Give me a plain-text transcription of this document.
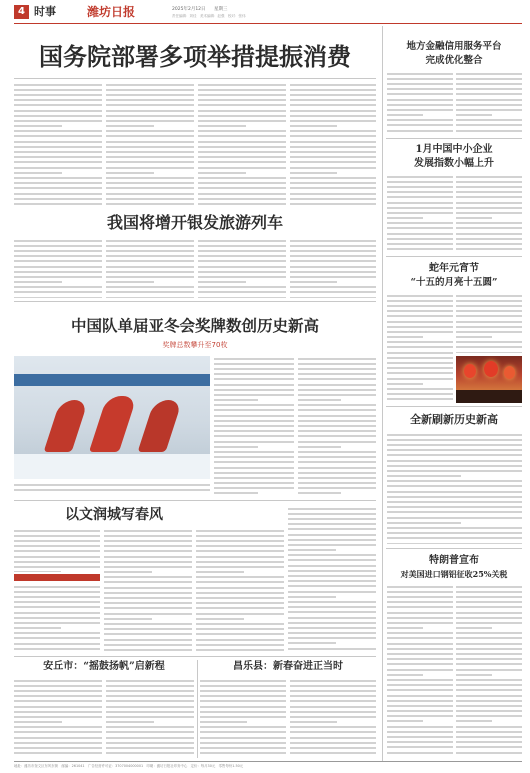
4 时事	潍坊日报	2025年2月12日 星期三
责任编辑：刘佳　美术编辑：赵强　校对：张伟
国务院部署多项举措提振消费	地方金融信用服务平台
完成优化整合
1月中国中小企业
发展指数小幅上升
蛇年元宵节
“十五的月亮十五圆”
我国将增开银发旅游列车
中国队单届亚冬会奖牌数创历史新高
奖牌总数攀升至70枚
以文润城写春风
全新刷新历史新高
特朗普宣布
对美国进口钢铝征收25%关税
安丘市：“摇鼓扬帆”启新程	昌乐县：新春奋进正当时
地址：潍坊市奎文区东风东街　邮编：261041　广告经营许可证：3707004000001　印刷：潍坊日报社印务中心　定价：每月30元　零售每份1.50元
